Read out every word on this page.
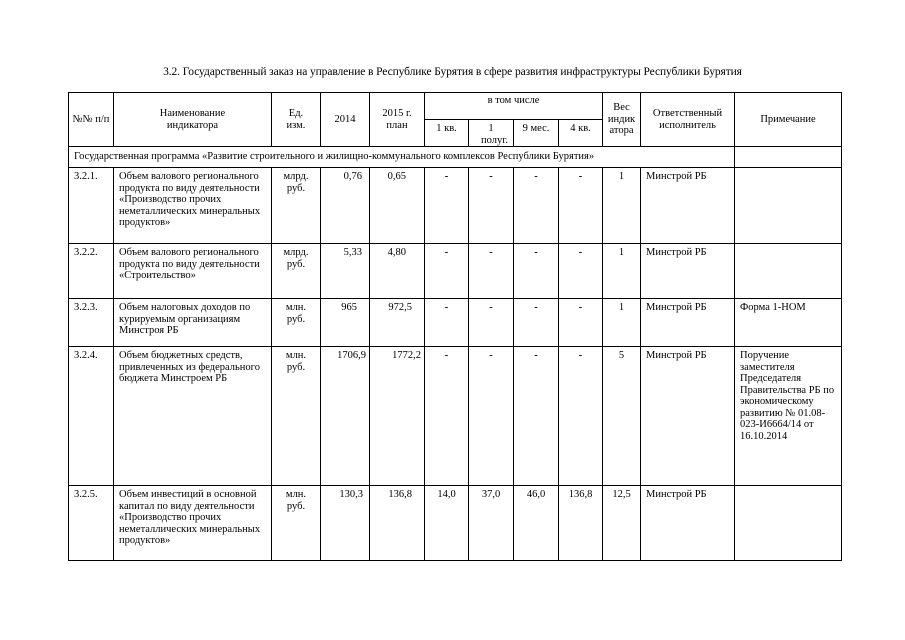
3.2. Государственный заказ на управление в Республике Бурятия в сфере развития инфраструктуры Республики Бурятия
№№ п/п	Наименование индикатора	Ед. изм.	2014	2015 г. план	в том числе				Вес индик атора	Ответственный исполнитель	Примечание
					1 кв.	1 полуг.	9 мес.	4 кв.			
Государственная программа «Развитие строительного и жилищно-коммунального комплексов Республики Бурятия»											
3.2.1.	Объем валового регионального продукта по виду деятельности «Производство прочих неметаллических минеральных продуктов»	млрд. руб.	0,76	0,65	-	-	-	-	1	Минстрой РБ	
3.2.2.	Объем валового регионального продукта по виду деятельности «Строительство»	млрд. руб.	5,33	4,80	-	-	-	-	1	Минстрой РБ	
3.2.3.	Объем налоговых доходов по курируемым организациям Минстроя РБ	млн. руб.	965	972,5	-	-	-	-	1	Минстрой РБ	Форма 1-НОМ
3.2.4.	Объем бюджетных средств, привлеченных из федерального бюджета Минстроем РБ	млн. руб.	1706,9	1772,2	-	-	-	-	5	Минстрой РБ	Поручение заместителя Председателя Правительства РБ по экономическому развитию № 01.08-023-И6664/14 от 16.10.2014
3.2.5.	Объем инвестиций в основной капитал по виду деятельности «Производство прочих неметаллических минеральных продуктов»	млн. руб.	130,3	136,8	14,0	37,0	46,0	136,8	12,5	Минстрой РБ	
